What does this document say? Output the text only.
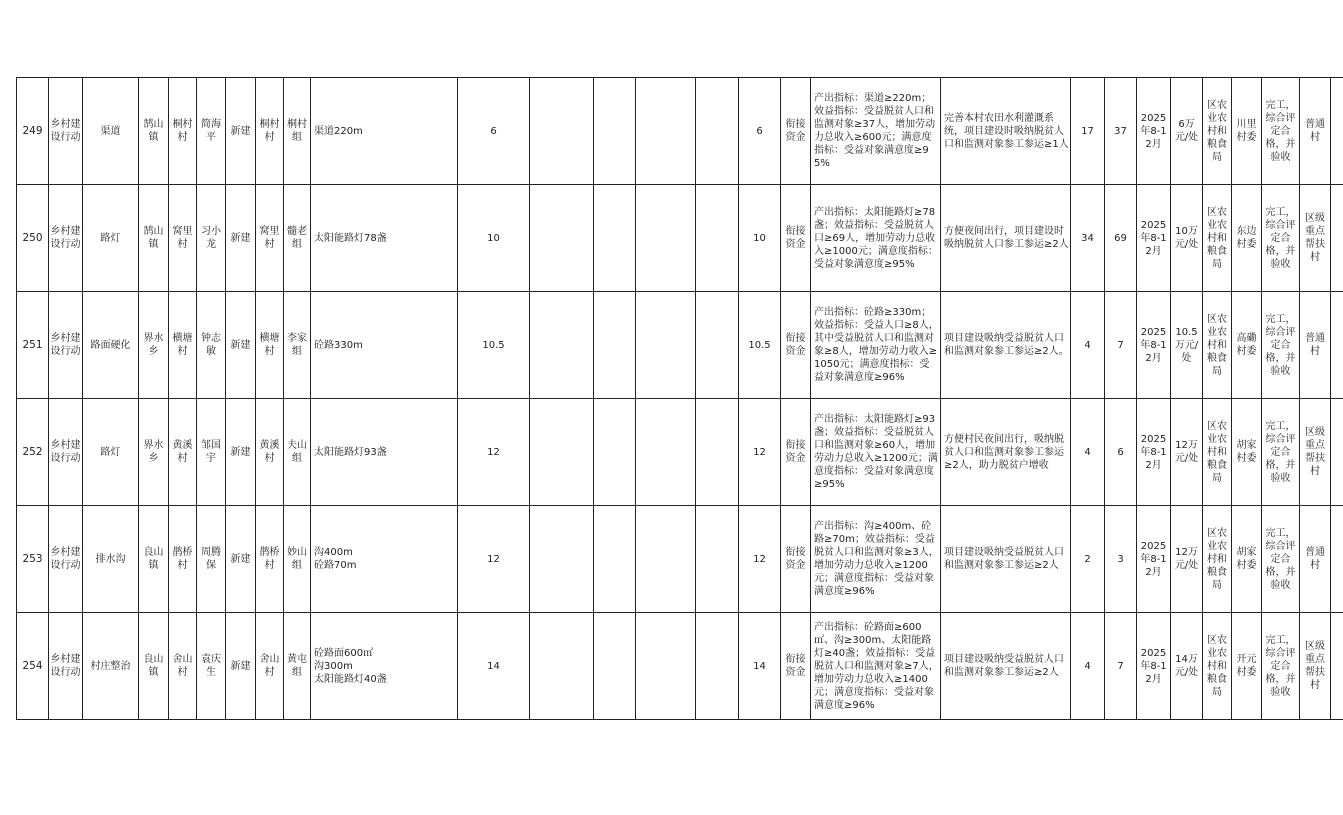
249	乡村建设行动	渠道	鹄山镇	桐村村	简海平	新建	桐村村	桐村组	渠道220m	6					6	衔接资金	产出指标：渠道≥220m；效益指标：受益脱贫人口和监测对象≥37人，增加劳动力总收入≥600元；满意度指标：受益对象满意度≥95%	完善本村农田水利灌溉系统，项目建设时吸纳脱贫人口和监测对象参工参运≥1人	17	37	2025年8-12月	6万元/处	区农业农村和粮食局	川里村委	完工，综合评定合格，并验收	普通村	
250	乡村建设行动	路灯	鹄山镇	窝里村	习小龙	新建	窝里村	髓老组	太阳能路灯78盏	10					10	衔接资金	产出指标：太阳能路灯≥78盏；效益指标：受益脱贫人口≥69人，增加劳动力总收入≥1000元；满意度指标：受益对象满意度≥95%	方便夜间出行，项目建设时吸纳脱贫人口参工参运≥2人	34	69	2025年8-12月	10万元/处	区农业农村和粮食局	东边村委	完工，综合评定合格，并验收	区级重点帮扶村	
251	乡村建设行动	路面硬化	界水乡	横塘村	钟志敏	新建	横塘村	李家组	砼路330m	10.5					10.5	衔接资金	产出指标：砼路≥330m；效益指标：受益人口≥8人，其中受益脱贫人口和监测对象≥8人，增加劳动力收入≥1050元；满意度指标：受益对象满意度≥96%	项目建设吸纳受益脱贫人口和监测对象参工参运≥2人。	4	7	2025年8-12月	10.5万元/处	区农业农村和粮食局	高磡村委	完工，综合评定合格，并验收	普通村	
252	乡村建设行动	路灯	界水乡	黄溪村	邹国宇	新建	黄溪村	夫山组	太阳能路灯93盏	12					12	衔接资金	产出指标：太阳能路灯≥93盏；效益指标：受益脱贫人口和监测对象≥60人，增加劳动力总收入≥1200元；满意度指标：受益对象满意度≥95%	方便村民夜间出行，吸纳脱贫人口和监测对象参工参运≥2人，助力脱贫户增收	4	6	2025年8-12月	12万元/处	区农业农村和粮食局	胡家村委	完工，综合评定合格，并验收	区级重点帮扶村	
253	乡村建设行动	排水沟	良山镇	鹊桥村	周腾保	新建	鹊桥村	妙山组	沟400m
砼路70m	12					12	衔接资金	产出指标：沟≥400m、砼路≥70m；效益指标：受益脱贫人口和监测对象≥3人，增加劳动力总收入≥1200元；满意度指标：受益对象满意度≥96%	项目建设吸纳受益脱贫人口和监测对象参工参运≥2人	2	3	2025年8-12月	12万元/处	区农业农村和粮食局	胡家村委	完工，综合评定合格，并验收	普通村	
254	乡村建设行动	村庄整治	良山镇	舍山村	袁庆生	新建	舍山村	黄屯组	砼路面600㎡
沟300m
太阳能路灯40盏	14					14	衔接资金	产出指标：砼路面≥600㎡、沟≥300m、太阳能路灯≥40盏；效益指标：受益脱贫人口和监测对象≥7人，增加劳动力总收入≥1400元；满意度指标：受益对象满意度≥96%	项目建设吸纳受益脱贫人口和监测对象参工参运≥2人	4	7	2025年8-12月	14万元/处	区农业农村和粮食局	开元村委	完工，综合评定合格，并验收	区级重点帮扶村	
